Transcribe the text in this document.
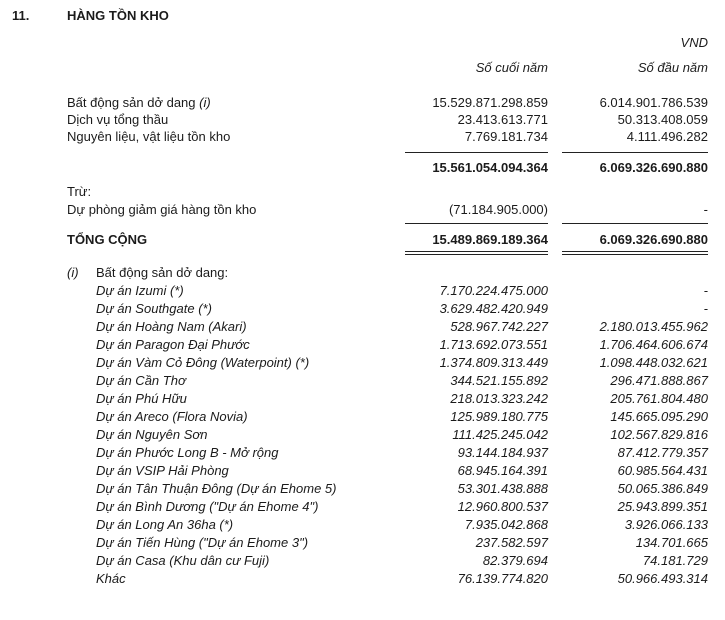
11.	HÀNG TỒN KHO
VND
Số cuối năm	Số đầu năm
Bất động sản dở dang (i)	15.529.871.298.859	6.014.901.786.539
Dịch vụ tổng thầu	23.413.613.771	50.313.408.059
Nguyên liệu, vật liệu tồn kho	7.769.181.734	4.111.496.282
15.561.054.094.364	6.069.326.690.880
Trừ:
Dự phòng giảm giá hàng tồn kho	(71.184.905.000)	-
TỔNG CỘNG	15.489.869.189.364	6.069.326.690.880
(i) Bất động sản dở dang:
Dự án Izumi (*)	7.170.224.475.000	-
Dự án Southgate (*)	3.629.482.420.949	-
Dự án Hoàng Nam (Akari)	528.967.742.227	2.180.013.455.962
Dự án Paragon Đại Phước	1.713.692.073.551	1.706.464.606.674
Dự án Vàm Cỏ Đông (Waterpoint) (*)	1.374.809.313.449	1.098.448.032.621
Dự án Cần Thơ	344.521.155.892	296.471.888.867
Dự án Phú Hữu	218.013.323.242	205.761.804.480
Dự án Areco (Flora Novia)	125.989.180.775	145.665.095.290
Dự án Nguyên Sơn	111.425.245.042	102.567.829.816
Dự án Phước Long B - Mở rộng	93.144.184.937	87.412.779.357
Dự án VSIP Hải Phòng	68.945.164.391	60.985.564.431
Dự án Tân Thuận Đông (Dự án Ehome 5)	53.301.438.888	50.065.386.849
Dự án Bình Dương ("Dự án Ehome 4")	12.960.800.537	25.943.899.351
Dự án Long An 36ha (*)	7.935.042.868	3.926.066.133
Dự án Tiến Hùng ("Dự án Ehome 3")	237.582.597	134.701.665
Dự án Casa (Khu dân cư Fuji)	82.379.694	74.181.729
Khác	76.139.774.820	50.966.493.314
